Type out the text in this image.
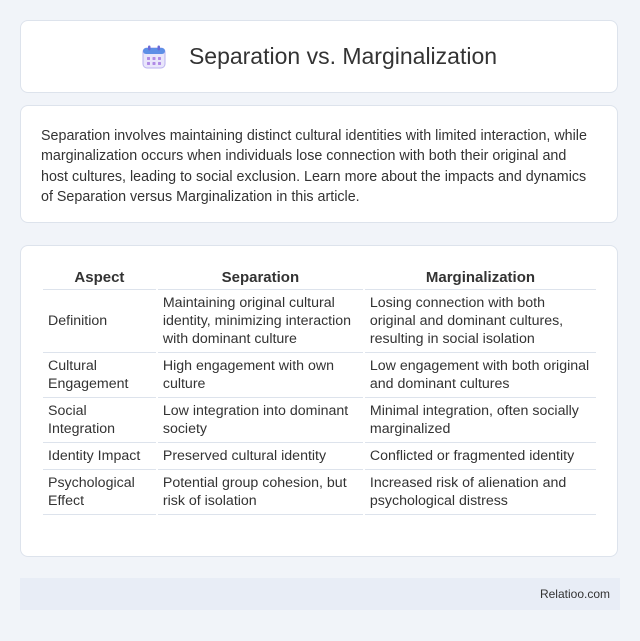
Separation vs. Marginalization

Separation involves maintaining distinct cultural identities with limited interaction, while marginalization occurs when individuals lose connection with both their original and host cultures, leading to social exclusion. Learn more about the impacts and dynamics of Separation versus Marginalization in this article.

Aspect	Separation	Marginalization
Definition	Maintaining original cultural identity, minimizing interaction with dominant culture	Losing connection with both original and dominant cultures, resulting in social isolation
Cultural Engagement	High engagement with own culture	Low engagement with both original and dominant cultures
Social Integration	Low integration into dominant society	Minimal integration, often socially marginalized
Identity Impact	Preserved cultural identity	Conflicted or fragmented identity
Psychological Effect	Potential group cohesion, but risk of isolation	Increased risk of alienation and psychological distress
Relatioo.com
